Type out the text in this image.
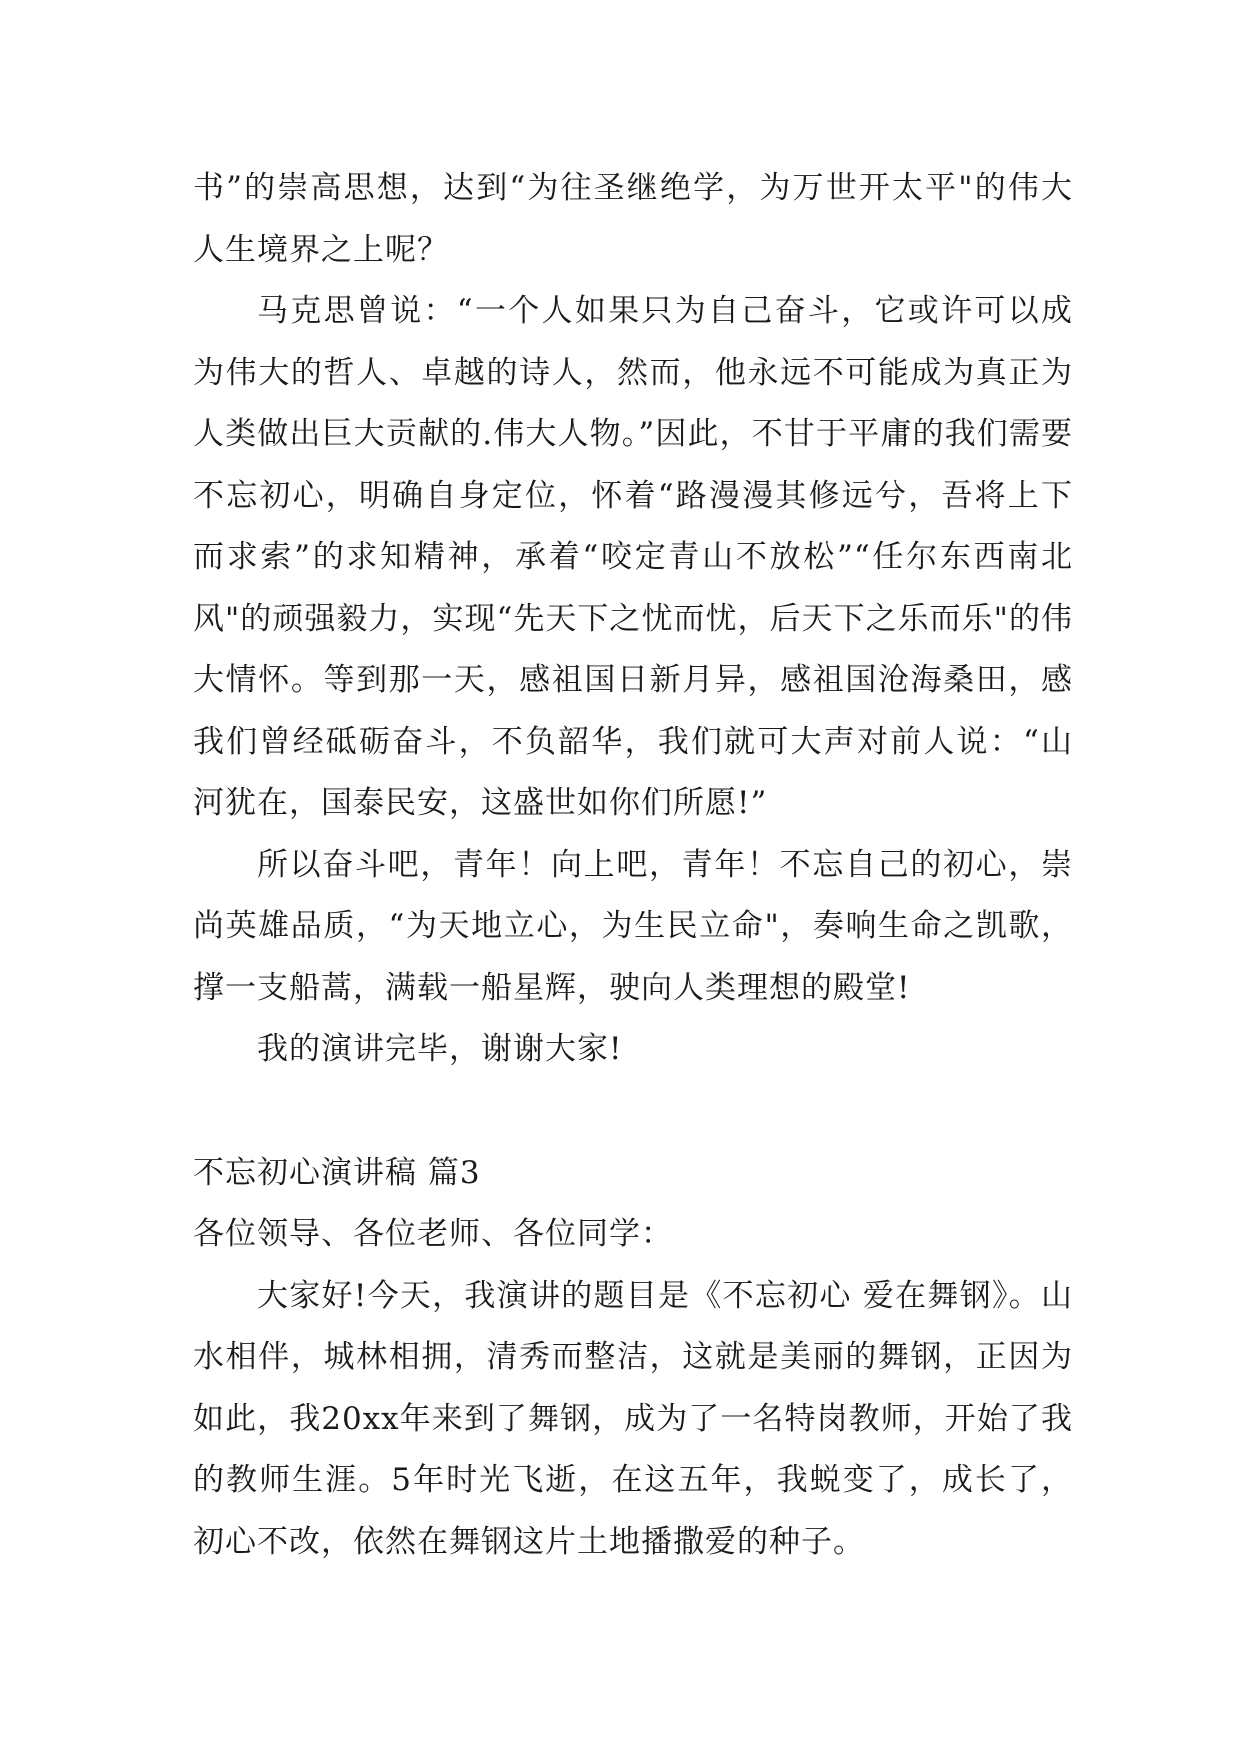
书”的崇高思想，达到“为往圣继绝学，为万世开太平"的伟大人生境界之上呢？

马克思曾说：“一个人如果只为自己奋斗，它或许可以成为伟大的哲人、卓越的诗人，然而，他永远不可能成为真正为人类做出巨大贡献的.伟大人物。”因此，不甘于平庸的我们需要不忘初心，明确自身定位，怀着“路漫漫其修远兮，吾将上下而求索”的求知精神，承着“咬定青山不放松”“任尔东西南北风"的顽强毅力，实现“先天下之忧而忧，后天下之乐而乐"的伟大情怀。等到那一天，感祖国日新月异，感祖国沧海桑田，感我们曾经砥砺奋斗，不负韶华，我们就可大声对前人说：“山河犹在，国泰民安，这盛世如你们所愿!”

所以奋斗吧，青年！向上吧，青年！不忘自己的初心，崇尚英雄品质，“为天地立心，为生民立命"，奏响生命之凯歌，撑一支船蒿，满载一船星辉，驶向人类理想的殿堂!

我的演讲完毕，谢谢大家!

不忘初心演讲稿 篇3

各位领导、各位老师、各位同学：

大家好!今天，我演讲的题目是《不忘初心 爱在舞钢》。山水相伴，城林相拥，清秀而整洁，这就是美丽的舞钢，正因为如此，我20xx年来到了舞钢，成为了一名特岗教师，开始了我的教师生涯。5年时光飞逝，在这五年，我蜕变了，成长了，初心不改，依然在舞钢这片土地播撒爱的种子。
